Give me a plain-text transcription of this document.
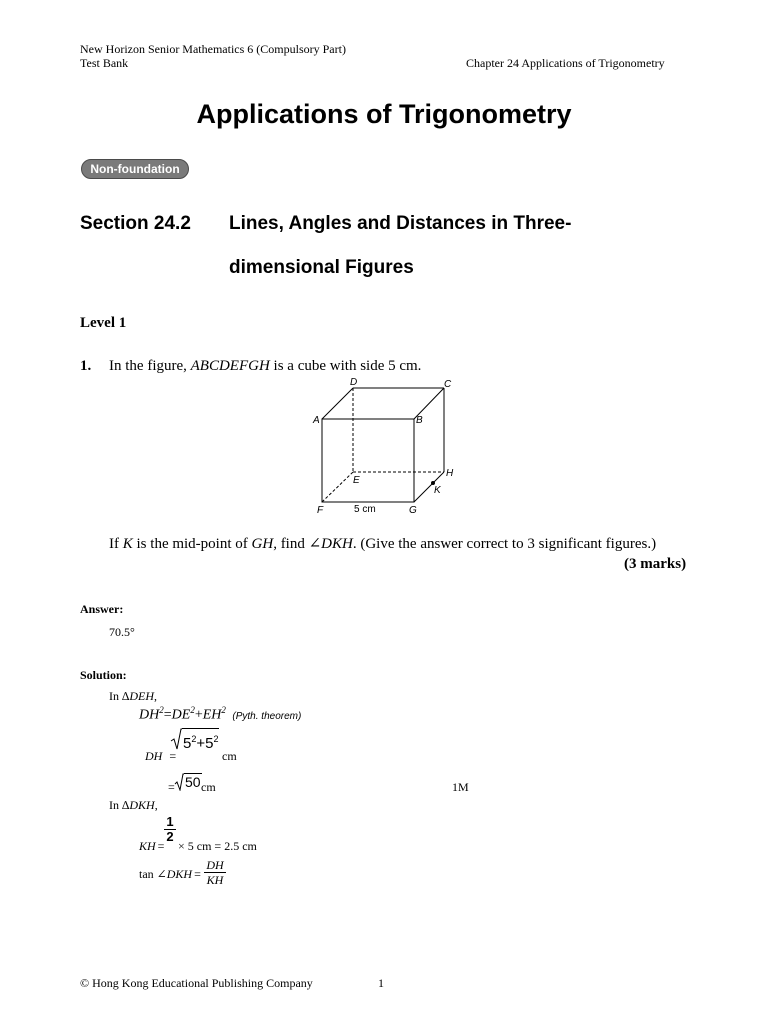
New Horizon Senior Mathematics 6 (Compulsory Part)
Test Bank	Chapter 24 Applications of Trigonometry
Applications of Trigonometry
Non-foundation
Section 24.2 Lines, Angles and Distances in Three-
dimensional Figures
Level 1
1. In the figure, ABCDEFGH is a cube with side 5 cm.
D	C
A	B
E
H
K
F	G
5 cm
If K is the mid-point of GH, find ∠DKH. (Give the answer correct to 3 significant figures.)
(3 marks)
Answer:
70.5°
Solution:
In ∆DEH,
$DH^2=DE^2+EH^2$ (Pyth. theorem)
$5^2+5^2$
DH =	cm
= 50 cm	1M
In ∆DKH,
$\frac{1}{2}$
KH = × 5 cm = 2.5 cm
tan ∠DKH = $\frac{DH}{KH}$
© Hong Kong Educational Publishing Company	1
